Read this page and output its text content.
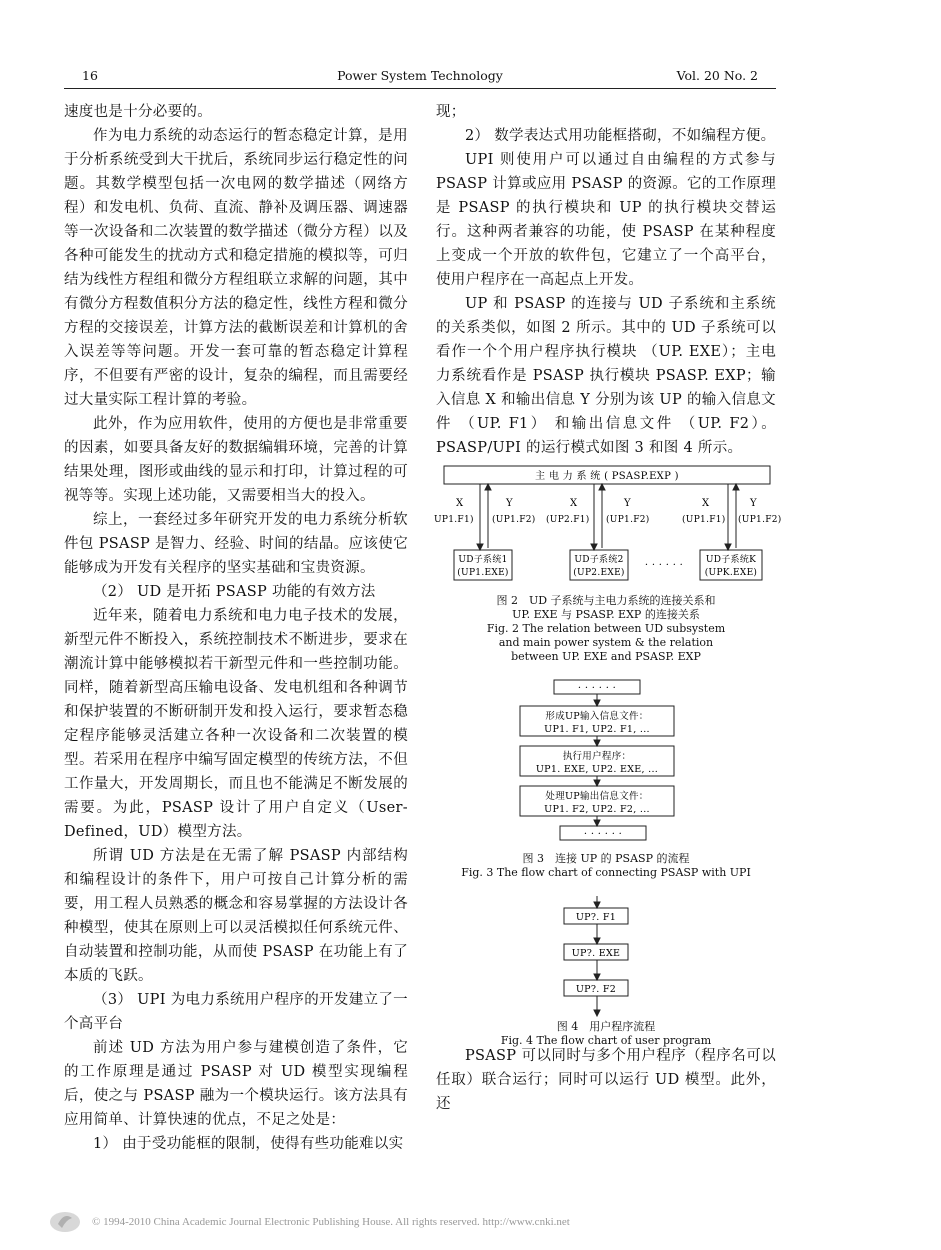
16	Power System Technology	Vol. 20 No. 2

速度也是十分必要的。

作为电力系统的动态运行的暂态稳定计算，是用于分析系统受到大干扰后，系统同步运行稳定性的问题。其数学模型包括一次电网的数学描述（网络方程）和发电机、负荷、直流、静补及调压器、调速器等一次设备和二次装置的数学描述（微分方程）以及各种可能发生的扰动方式和稳定措施的模拟等，可归结为线性方程组和微分方程组联立求解的问题，其中有微分方程数值积分方法的稳定性，线性方程和微分方程的交接误差，计算方法的截断误差和计算机的舍入误差等等问题。开发一套可靠的暂态稳定计算程序，不但要有严密的设计，复杂的编程，而且需要经过大量实际工程计算的考验。

此外，作为应用软件，使用的方便也是非常重要的因素，如要具备友好的数据编辑环境，完善的计算结果处理，图形或曲线的显示和打印，计算过程的可视等等。实现上述功能，又需要相当大的投入。

综上，一套经过多年研究开发的电力系统分析软件包 PSASP 是智力、经验、时间的结晶。应该使它能够成为开发有关程序的坚实基础和宝贵资源。

（2） UD 是开拓 PSASP 功能的有效方法

近年来，随着电力系统和电力电子技术的发展，新型元件不断投入，系统控制技术不断进步，要求在潮流计算中能够模拟若干新型元件和一些控制功能。同样，随着新型高压输电设备、发电机组和各种调节和保护装置的不断研制开发和投入运行，要求暂态稳定程序能够灵活建立各种一次设备和二次装置的模型。若采用在程序中编写固定模型的传统方法，不但工作量大，开发周期长，而且也不能满足不断发展的需要。为此，PSASP 设计了用户自定义（User-Defined，UD）模型方法。

所谓 UD 方法是在无需了解 PSASP 内部结构和编程设计的条件下，用户可按自己计算分析的需要，用工程人员熟悉的概念和容易掌握的方法设计各种模型，使其在原则上可以灵活模拟任何系统元件、自动装置和控制功能，从而使 PSASP 在功能上有了本质的飞跃。

（3） UPI 为电力系统用户程序的开发建立了一个高平台

前述 UD 方法为用户参与建模创造了条件，它的工作原理是通过 PSASP 对 UD 模型实现编程后，使之与 PSASP 融为一个模块运行。该方法具有应用简单、计算快速的优点，不足之处是：

1） 由于受功能框的限制，使得有些功能难以实

现；

2） 数学表达式用功能框搭砌，不如编程方便。

UPI 则使用户可以通过自由编程的方式参与 PSASP 计算或应用 PSASP 的资源。它的工作原理是 PSASP 的执行模块和 UP 的执行模块交替运行。这种两者兼容的功能，使 PSASP 在某种程度上变成一个开放的软件包，它建立了一个高平台，使用户程序在一高起点上开发。

UP 和 PSASP 的连接与 UD 子系统和主系统的关系类似，如图 2 所示。其中的 UD 子系统可以看作一个个用户程序执行模块 （UP. EXE）；主电力系统看作是 PSASP 执行模块 PSASP. EXP；输入信息 X 和输出信息 Y 分别为该 UP 的输入信息文件 （UP. F1） 和输出信息文件 （UP. F2）。PSASP/UPI 的运行模式如图 3 和图 4 所示。

主 电 力 系 统 ( PSASP.EXP )
X	Y	X	Y	X	Y
UP1.F1) (UP1.F2) (UP2.F1) (UP1.F2)	(UP1.F1) (UP1.F2)
UD子系统1
(UP1.EXE)
UD子系统2
(UP2.EXE)
· · · · · ·	UD子系统K
(UPK.EXE)

图 2　UD 子系统与主电力系统的连接关系和
UP. EXE 与 PSASP. EXP 的连接关系
Fig. 2 The relation between UD subsystem
and main power system & the relation
between UP. EXE and PSASP. EXP

· · · · · ·
形成UP输入信息文件：
UP1. F1, UP2. F1, ...
执行用户程序：
UP1. EXE, UP2. EXE, ...
处理UP输出信息文件：
UP1. F2, UP2. F2, ...
· · · · · ·

图 3　连接 UP 的 PSASP 的流程
Fig. 3 The flow chart of connecting PSASP with UPI

UP?. F1
UP?. EXE
UP?. F2

图 4　用户程序流程
Fig. 4 The flow chart of user program

PSASP 可以同时与多个用户程序（程序名可以任取）联合运行；同时可以运行 UD 模型。此外，还

© 1994-2010 China Academic Journal Electronic Publishing House. All rights reserved. http://www.cnki.net
